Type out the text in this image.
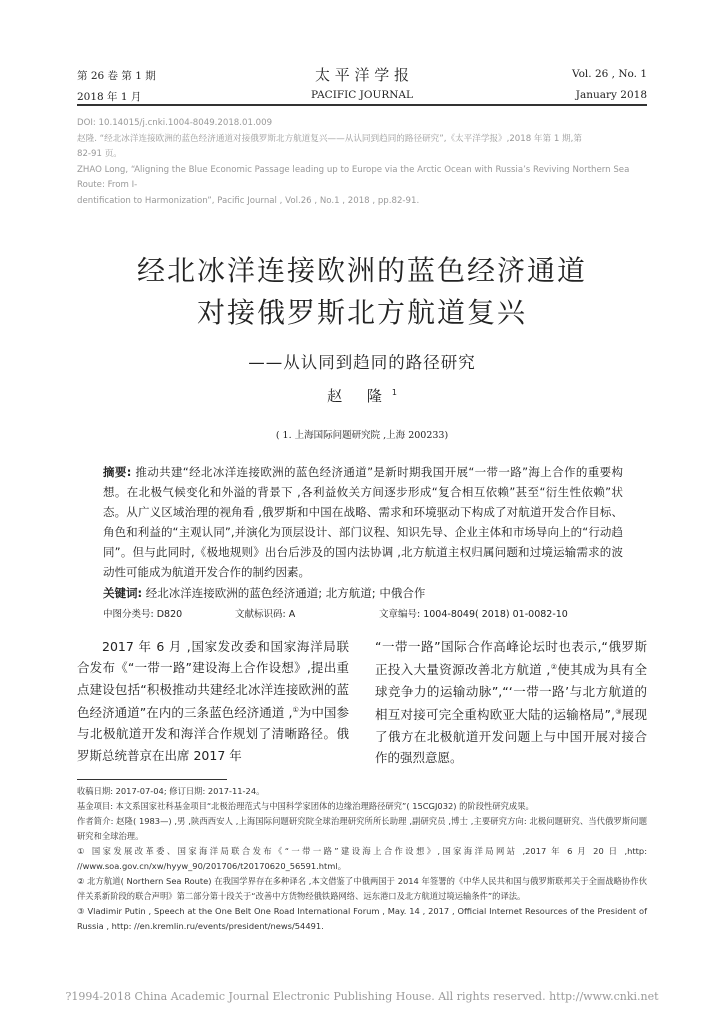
第 26 卷 第 1 期	太 平 洋 学 报	Vol. 26 , No. 1
2018 年 1 月	PACIFIC JOURNAL	January 2018
DOI: 10.14015/j.cnki.1004-8049.2018.01.009
赵隆. “经北冰洋连接欧洲的蓝色经济通道对接俄罗斯北方航道复兴——从认同到趋同的路径研究”,《太平洋学报》,2018 年第 1 期,第
82-91 页。
ZHAO Long, “Aligning the Blue Economic Passage leading up to Europe via the Arctic Ocean with Russia’s Reviving Northern Sea Route: From I-
dentification to Harmonization”, Pacific Journal , Vol.26 , No.1 , 2018 , pp.82-91.
经北冰洋连接欧洲的蓝色经济通道
对接俄罗斯北方航道复兴
——从认同到趋同的路径研究
赵 隆$^1$
( 1. 上海国际问题研究院 ,上海 200233)
摘要: 推动共建“经北冰洋连接欧洲的蓝色经济通道”是新时期我国开展“一带一路”海上合作的重要构想。在北极气候变化和外溢的背景下 ,各利益攸关方间逐步形成“复合相互依赖”甚至“衍生性依赖”状态。从广义区域治理的视角看 ,俄罗斯和中国在战略、需求和环境驱动下构成了对航道开发合作目标、角色和利益的“主观认同”,并演化为顶层设计、部门议程、知识先导、企业主体和市场导向上的“行动趋同”。但与此同时,《极地规则》出台后涉及的国内法协调 ,北方航道主权归属问题和过境运输需求的波动性可能成为航道开发合作的制约因素。
关键词: 经北冰洋连接欧洲的蓝色经济通道; 北方航道; 中俄合作
中图分类号: D820	文献标识码: A	文章编号: 1004-8049( 2018) 01-0082-10

2017 年 6 月 ,国家发改委和国家海洋局联合发布《“一带一路”建设海上合作设想》,提出重点建设包括“积极推动共建经北冰洋连接欧洲的蓝色经济通道”在内的三条蓝色经济通道 ,①为中国参与北极航道开发和海洋合作规划了清晰路径。俄罗斯总统普京在出席 2017 年

“一带一路”国际合作高峰论坛时也表示,“俄罗斯正投入大量资源改善北方航道 ,②使其成为具有全球竞争力的运输动脉”,“‘一带一路’与北方航道的相互对接可完全重构欧亚大陆的运输格局”,③展现了俄方在北极航道开发问题上与中国开展对接合作的强烈意愿。

收稿日期: 2017-07-04; 修订日期: 2017-11-24。
基金项目: 本文系国家社科基金项目“北极治理范式与中国科学家团体的边缘治理路径研究”( 15CGJ032) 的阶段性研究成果。
作者简介: 赵隆( 1983—) ,男 ,陕西西安人 ,上海国际问题研究院全球治理研究所所长助理 ,副研究员 ,博士 ,主要研究方向: 北极问题研究、当代俄罗斯问题研究和全球治理。
① 国家发展改革委、国家海洋局联合发布《“一带一路”建设海上合作设想》,国家海洋局网站 ,2017 年 6 月 20 日 ,http: //www.soa.gov.cn/xw/hyyw_90/201706/t20170620_56591.html。
② 北方航道( Northern Sea Route) 在我国学界存在多种译名 ,本文借鉴了中俄两国于 2014 年签署的《中华人民共和国与俄罗斯联邦关于全面战略协作伙伴关系新阶段的联合声明》第二部分第十段关于“改善中方货物经俄铁路网络、远东港口及北方航道过境运输条件”的译法。
③ Vladimir Putin , Speech at the One Belt One Road International Forum , May. 14 , 2017 , Official Internet Resources of the President of Russia , http: //en.kremlin.ru/events/president/news/54491.
?1994-2018 China Academic Journal Electronic Publishing House. All rights reserved. http://www.cnki.net
